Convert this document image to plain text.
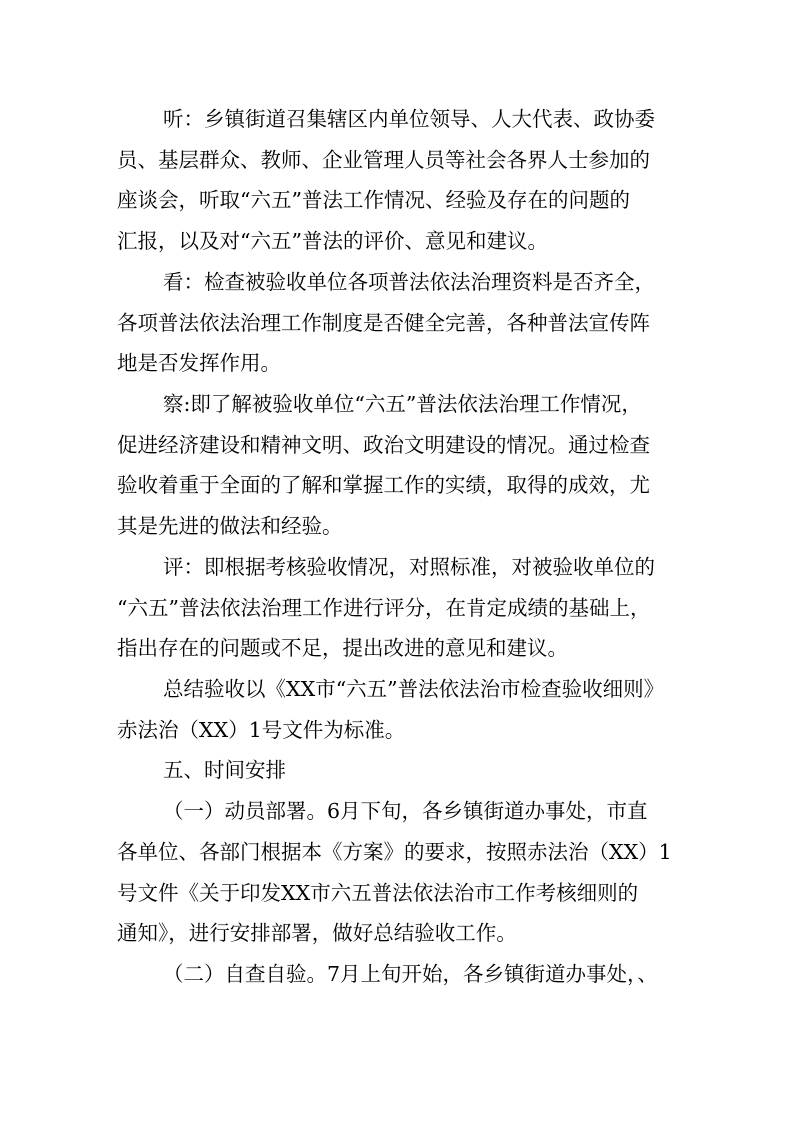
听：乡镇街道召集辖区内单位领导、人大代表、政协委
员、基层群众、教师、企业管理人员等社会各界人士参加的
座谈会，听取“六五”普法工作情况、经验及存在的问题的
汇报，以及对“六五”普法的评价、意见和建议。
看：检查被验收单位各项普法依法治理资料是否齐全，
各项普法依法治理工作制度是否健全完善，各种普法宣传阵
地是否发挥作用。
察:即了解被验收单位“六五”普法依法治理工作情况，
促进经济建设和精神文明、政治文明建设的情况。通过检查
验收着重于全面的了解和掌握工作的实绩，取得的成效，尤
其是先进的做法和经验。
评：即根据考核验收情况，对照标准，对被验收单位的
“六五”普法依法治理工作进行评分，在肯定成绩的基础上，
指出存在的问题或不足，提出改进的意见和建议。
总结验收以《XX市“六五”普法依法治市检查验收细则》
赤法治（XX）1号文件为标准。
五、时间安排
（一）动员部署。6月下旬，各乡镇街道办事处，市直
各单位、各部门根据本《方案》的要求，按照赤法治（XX）1
号文件《关于印发XX市六五普法依法治市工作考核细则的
通知》，进行安排部署，做好总结验收工作。
（二）自查自验。7月上旬开始，各乡镇街道办事处，、
